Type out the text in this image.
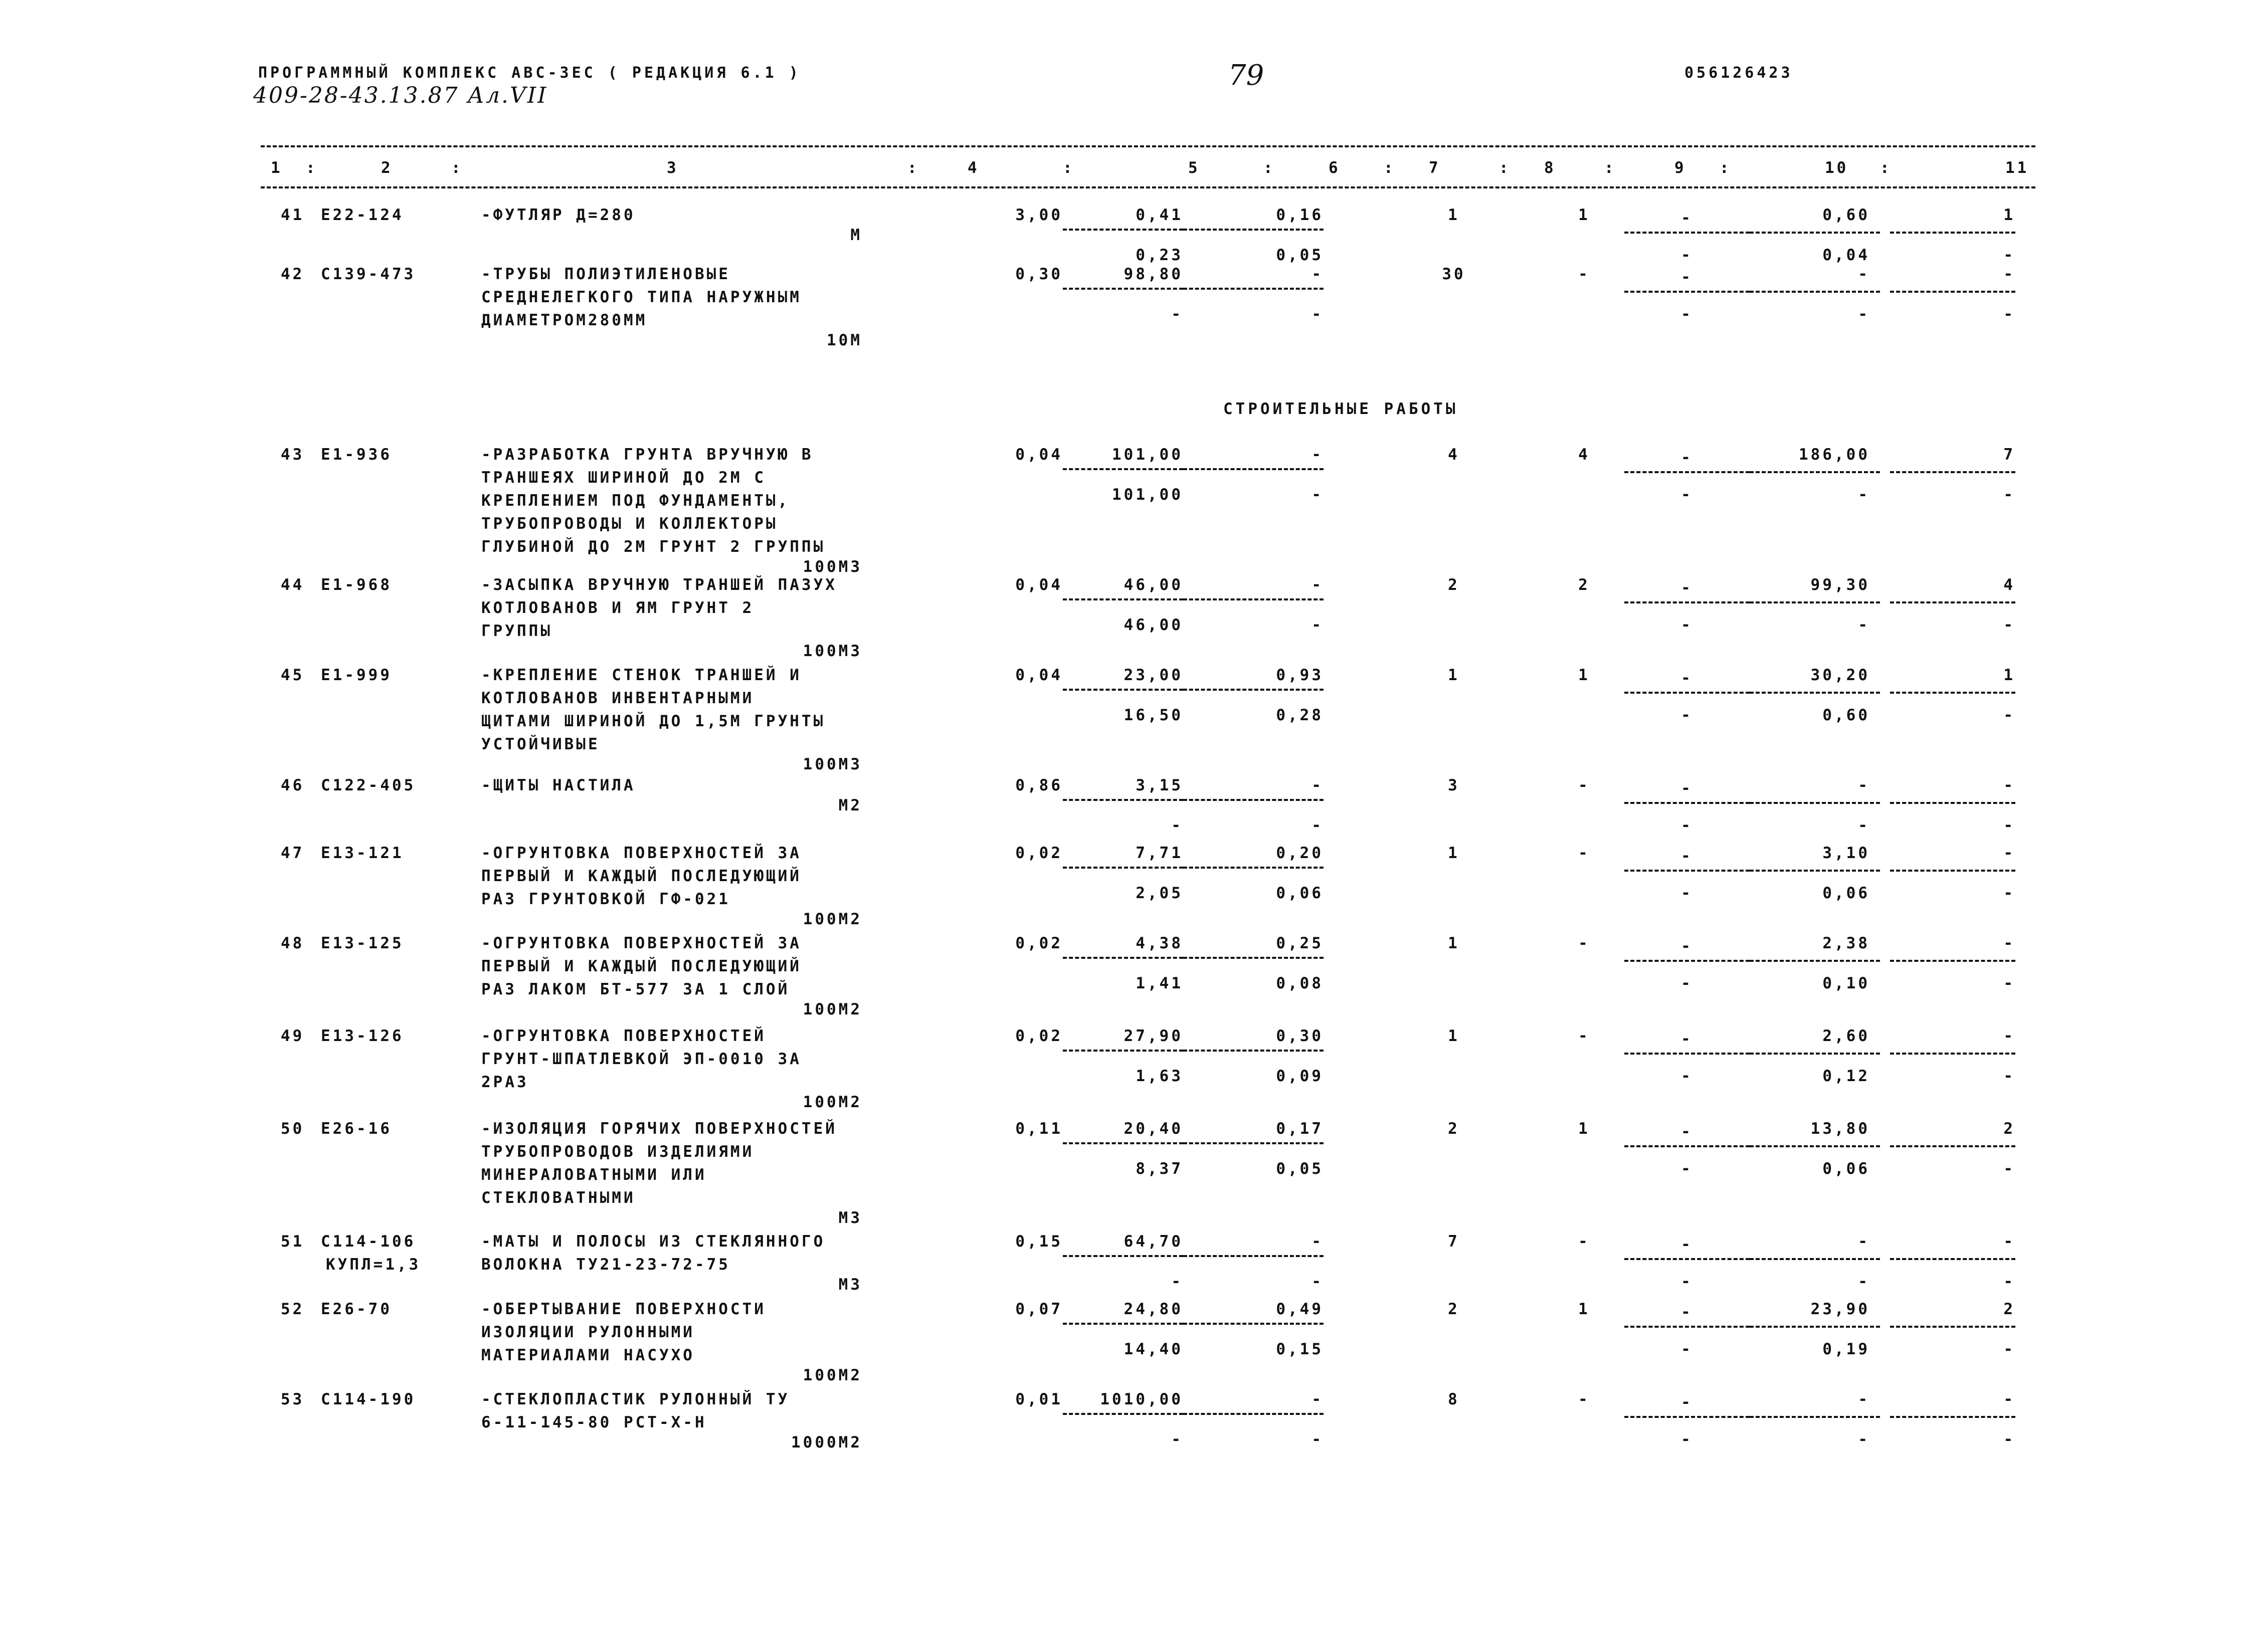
ПРОГРАММНЫЙ КОМПЛЕКС АВС-3ЕС ( РЕДАКЦИЯ 6.1 )
409-28-43.13.87 Ал.VII
79	056126423
1 :	2	:	3	:	4	:	5	:	6	: 7	: 8	:	9 :	10 :	11
СТРОИТЕЛЬНЫЕ РАБОТЫ
41 Е22-124	-ФУТЛЯР Д=280
М
3,00	0,41	0,16	1	1	-	0,60	1
0,23	0,05	-	0,04	-
42 С139-473	-ТРУБЫ ПОЛИЭТИЛЕНОВЫЕ
СРЕДНЕЛЕГКОГО ТИПА НАРУЖНЫМ
ДИАМЕТРОМ280ММ
10М
0,30	98,80	-	30	-	-	-	-
-	-	-	-	-
43 Е1-936	-РАЗРАБОТКА ГРУНТА ВРУЧНУЮ В
ТРАНШЕЯХ ШИРИНОЙ ДО 2М С
КРЕПЛЕНИЕМ ПОД ФУНДАМЕНТЫ,
ТРУБОПРОВОДЫ И КОЛЛЕКТОРЫ
ГЛУБИНОЙ ДО 2М ГРУНТ 2 ГРУППЫ
100М3
0,04	101,00	-	4	4	-	186,00	7
101,00	-	-	-	-
44 Е1-968	-ЗАСЫПКА ВРУЧНУЮ ТРАНШЕЙ ПАЗУХ
КОТЛОВАНОВ И ЯМ ГРУНТ 2
ГРУППЫ
100М3
0,04	46,00	-	2	2	-	99,30	4
46,00	-	-	-	-
45 Е1-999	-КРЕПЛЕНИЕ СТЕНОК ТРАНШЕЙ И
КОТЛОВАНОВ ИНВЕНТАРНЫМИ
ЩИТАМИ ШИРИНОЙ ДО 1,5М ГРУНТЫ
УСТОЙЧИВЫЕ
100М3
0,04	23,00	0,93	1	1	-	30,20	1
16,50	0,28	-	0,60	-
46 С122-405	-ЩИТЫ НАСТИЛА
М2
0,86	3,15	-	3	-	-	-	-
-	-	-	-	-
47 Е13-121	-ОГРУНТОВКА ПОВЕРХНОСТЕЙ ЗА
ПЕРВЫЙ И КАЖДЫЙ ПОСЛЕДУЮЩИЙ
РАЗ ГРУНТОВКОЙ ГФ-021
100М2
0,02	7,71	0,20	1	-	-	3,10	-
2,05	0,06	-	0,06	-
48 Е13-125	-ОГРУНТОВКА ПОВЕРХНОСТЕЙ ЗА
ПЕРВЫЙ И КАЖДЫЙ ПОСЛЕДУЮЩИЙ
РАЗ ЛАКОМ БТ-577 ЗА 1 СЛОЙ
100М2
0,02	4,38	0,25	1	-	-	2,38	-
1,41	0,08	-	0,10	-
49 Е13-126	-ОГРУНТОВКА ПОВЕРХНОСТЕЙ
ГРУНТ-ШПАТЛЕВКОЙ ЭП-0010 ЗА
2РАЗ
100М2
0,02	27,90	0,30	1	-	-	2,60	-
1,63	0,09	-	0,12	-
50 Е26-16	-ИЗОЛЯЦИЯ ГОРЯЧИХ ПОВЕРХНОСТЕЙ
ТРУБОПРОВОДОВ ИЗДЕЛИЯМИ
МИНЕРАЛОВАТНЫМИ ИЛИ
СТЕКЛОВАТНЫМИ
М3
0,11	20,40	0,17	2	1	-	13,80	2
8,37	0,05	-	0,06	-
51 С114-106
КУПЛ=1,3
-МАТЫ И ПОЛОСЫ ИЗ СТЕКЛЯННОГО
ВОЛОКНА ТУ21-23-72-75
М3
0,15	64,70	-	7	-	-	-	-
-	-	-	-	-
52 Е26-70	-ОБЕРТЫВАНИЕ ПОВЕРХНОСТИ
ИЗОЛЯЦИИ РУЛОННЫМИ
МАТЕРИАЛАМИ НАСУХО
100М2
0,07	24,80	0,49	2	1	-	23,90	2
14,40	0,15	-	0,19	-
53 С114-190	-СТЕКЛОПЛАСТИК РУЛОННЫЙ ТУ
6-11-145-80 РСТ-Х-Н
1000М2
0,01	1010,00	-	8	-	-	-	-
-	-	-	-	-
